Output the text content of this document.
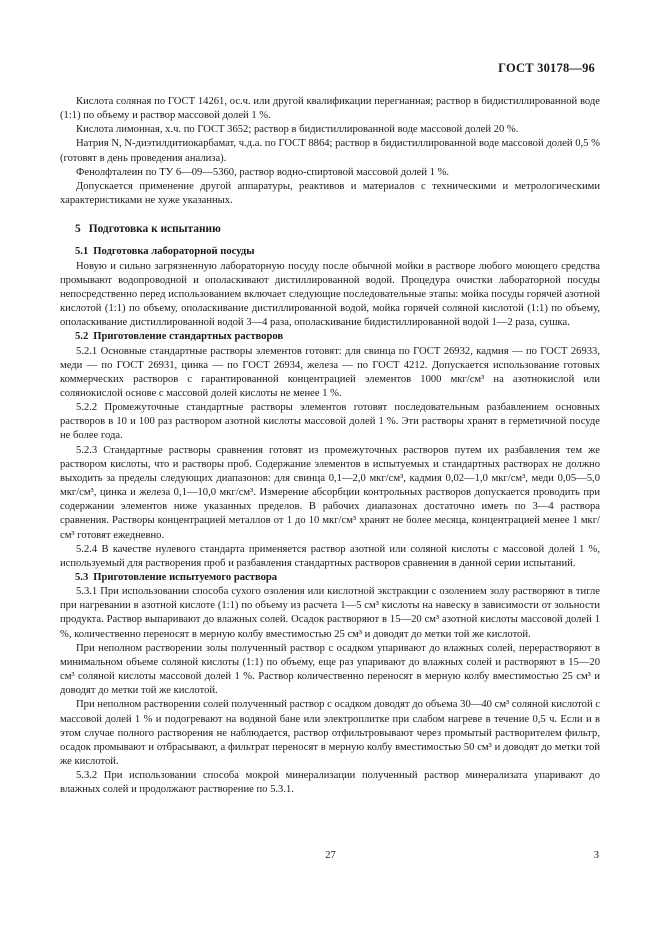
ГОСТ 30178—96

Кислота соляная по ГОСТ 14261, ос.ч. или другой квалификации перегнанная; раствор в бидистиллированной воде (1:1) по объему и раствор массовой долей 1 %.

Кислота лимонная, х.ч. по ГОСТ 3652; раствор в бидистиллированной воде массовой долей 20 %.

Натрия N, N-диэтилдитиокарбамат, ч.д.а. по ГОСТ 8864; раствор в бидистиллированной воде массовой долей 0,5 % (готовят в день проведения анализа).

Фенолфталеин по ТУ 6—09—5360, раствор водно-спиртовой массовой долей 1 %.

Допускается применение другой аппаратуры, реактивов и материалов с техническими и метрологическими характеристиками не хуже указанных.

5 Подготовка к испытанию
5.1 Подготовка лабораторной посуды

Новую и сильно загрязненную лабораторную посуду после обычной мойки в растворе любого моющего средства промывают водопроводной и ополаскивают дистиллированной водой. Процедура очистки лабораторной посуды непосредственно перед использованием включает следующие последовательные этапы: мойка посуды горячей азотной кислотой (1:1) по объему, ополаскивание дистиллированной водой, мойка горячей соляной кислотой (1:1) по объему, ополаскивание дистиллированной водой 3—4 раза, ополаскивание бидистиллированной водой 1—2 раза, сушка.

5.2 Приготовление стандартных растворов

5.2.1 Основные стандартные растворы элементов готовят: для свинца по ГОСТ 26932, кадмия — по ГОСТ 26933, меди — по ГОСТ 26931, цинка — по ГОСТ 26934, железа — по ГОСТ 4212. Допускается использование готовых коммерческих растворов с гарантированной концентрацией элементов 1000 мкг/см³ на азотнокислой или солянокислой основе с массовой долей кислоты не менее 1 %.

5.2.2 Промежуточные стандартные растворы элементов готовят последовательным разбавлением основных растворов в 10 и 100 раз раствором азотной кислоты массовой долей 1 %. Эти растворы хранят в герметичной посуде не более года.

5.2.3 Стандартные растворы сравнения готовят из промежуточных растворов путем их разбавления тем же раствором кислоты, что и растворы проб. Содержание элементов в испытуемых и стандартных растворах не должно выходить за пределы следующих диапазонов: для свинца 0,1—2,0 мкг/см³, кадмия 0,02—1,0 мкг/см³, меди 0,05—5,0 мкг/см³, цинка и железа 0,1—10,0 мкг/см³. Измерение абсорбции контрольных растворов допускается проводить при содержании элементов ниже указанных пределов. В рабочих диапазонах достаточно иметь по 3—4 раствора сравнения. Растворы концентрацией металлов от 1 до 10 мкг/см³ хранят не более месяца, концентрацией менее 1 мкг/см³ готовят ежедневно.

5.2.4 В качестве нулевого стандарта применяется раствор азотной или соляной кислоты с массовой долей 1 %, используемый для растворения проб и разбавления стандартных растворов сравнения в данной серии испытаний.

5.3 Приготовление испытуемого раствора

5.3.1 При использовании способа сухого озоления или кислотной экстракции с озолением золу растворяют в тигле при нагревании в азотной кислоте (1:1) по объему из расчета 1—5 см³ кислоты на навеску в зависимости от зольности продукта. Раствор выпаривают до влажных солей. Осадок растворяют в 15—20 см³ азотной кислоты массовой долей 1 %, количественно переносят в мерную колбу вместимостью 25 см³ и доводят до метки той же кислотой.

При неполном растворении золы полученный раствор с осадком упаривают до влажных солей, перерастворяют в минимальном объеме соляной кислоты (1:1) по объему, еще раз упаривают до влажных солей и растворяют в 15—20 см³ соляной кислоты массовой долей 1 %. Раствор количественно переносят в мерную колбу вместимостью 25 см³ и доводят до метки той же кислотой.

При неполном растворении солей полученный раствор с осадком доводят до объема 30—40 см³ соляной кислотой с массовой долей 1 % и подогревают на водяной бане или электроплитке при слабом нагреве в течение 0,5 ч. Если и в этом случае полного растворения не наблюдается, раствор отфильтровывают через промытый растворителем фильтр, осадок промывают и отбрасывают, а фильтрат переносят в мерную колбу вместимостью 50 см³ и доводят до метки той же кислотой.

5.3.2 При использовании способа мокрой минерализации полученный раствор минерализата упаривают до влажных солей и продолжают растворение по 5.3.1.

27	3
